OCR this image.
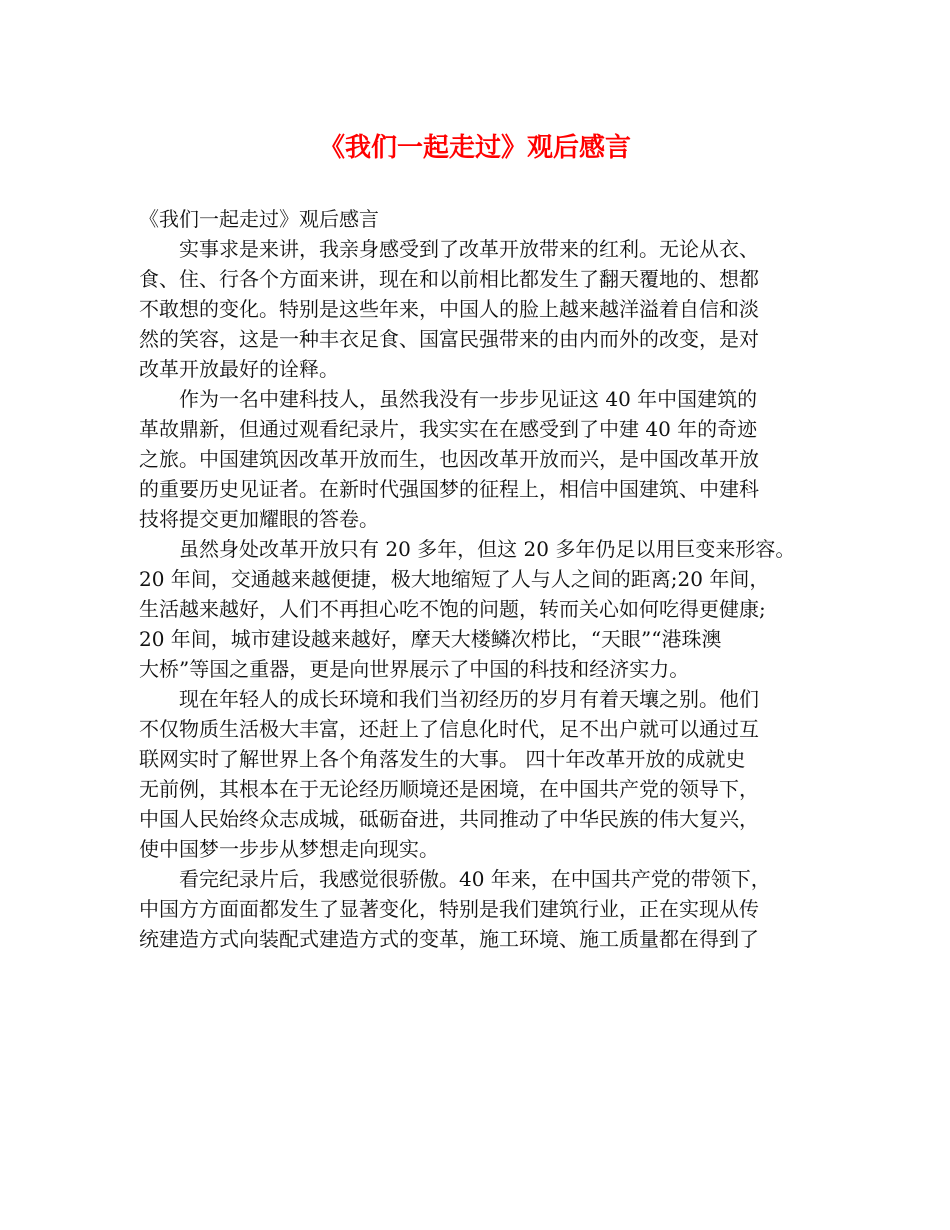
《我们一起走过》观后感言

《我们一起走过》观后感言

实事求是来讲，我亲身感受到了改革开放带来的红利。无论从衣、
食、住、行各个方面来讲，现在和以前相比都发生了翻天覆地的、想都
不敢想的变化。特别是这些年来，中国人的脸上越来越洋溢着自信和淡
然的笑容，这是一种丰衣足食、国富民强带来的由内而外的改变，是对
改革开放最好的诠释。
作为一名中建科技人，虽然我没有一步步见证这 40 年中国建筑的
革故鼎新，但通过观看纪录片，我实实在在感受到了中建 40 年的奇迹
之旅。中国建筑因改革开放而生，也因改革开放而兴，是中国改革开放
的重要历史见证者。在新时代强国梦的征程上，相信中国建筑、中建科
技将提交更加耀眼的答卷。
虽然身处改革开放只有 20 多年，但这 20 多年仍足以用巨变来形容。
20 年间，交通越来越便捷，极大地缩短了人与人之间的距离;20 年间，
生活越来越好，人们不再担心吃不饱的问题，转而关心如何吃得更健康;
20 年间，城市建设越来越好，摩天大楼鳞次栉比，“天眼”“港珠澳
大桥”等国之重器，更是向世界展示了中国的科技和经济实力。
现在年轻人的成长环境和我们当初经历的岁月有着天壤之别。他们
不仅物质生活极大丰富，还赶上了信息化时代，足不出户就可以通过互
联网实时了解世界上各个角落发生的大事。 四十年改革开放的成就史
无前例，其根本在于无论经历顺境还是困境，在中国共产党的领导下，
中国人民始终众志成城，砥砺奋进，共同推动了中华民族的伟大复兴，
使中国梦一步步从梦想走向现实。
看完纪录片后，我感觉很骄傲。40 年来，在中国共产党的带领下，
中国方方面面都发生了显著变化，特别是我们建筑行业，正在实现从传
统建造方式向装配式建造方式的变革，施工环境、施工质量都在得到了
